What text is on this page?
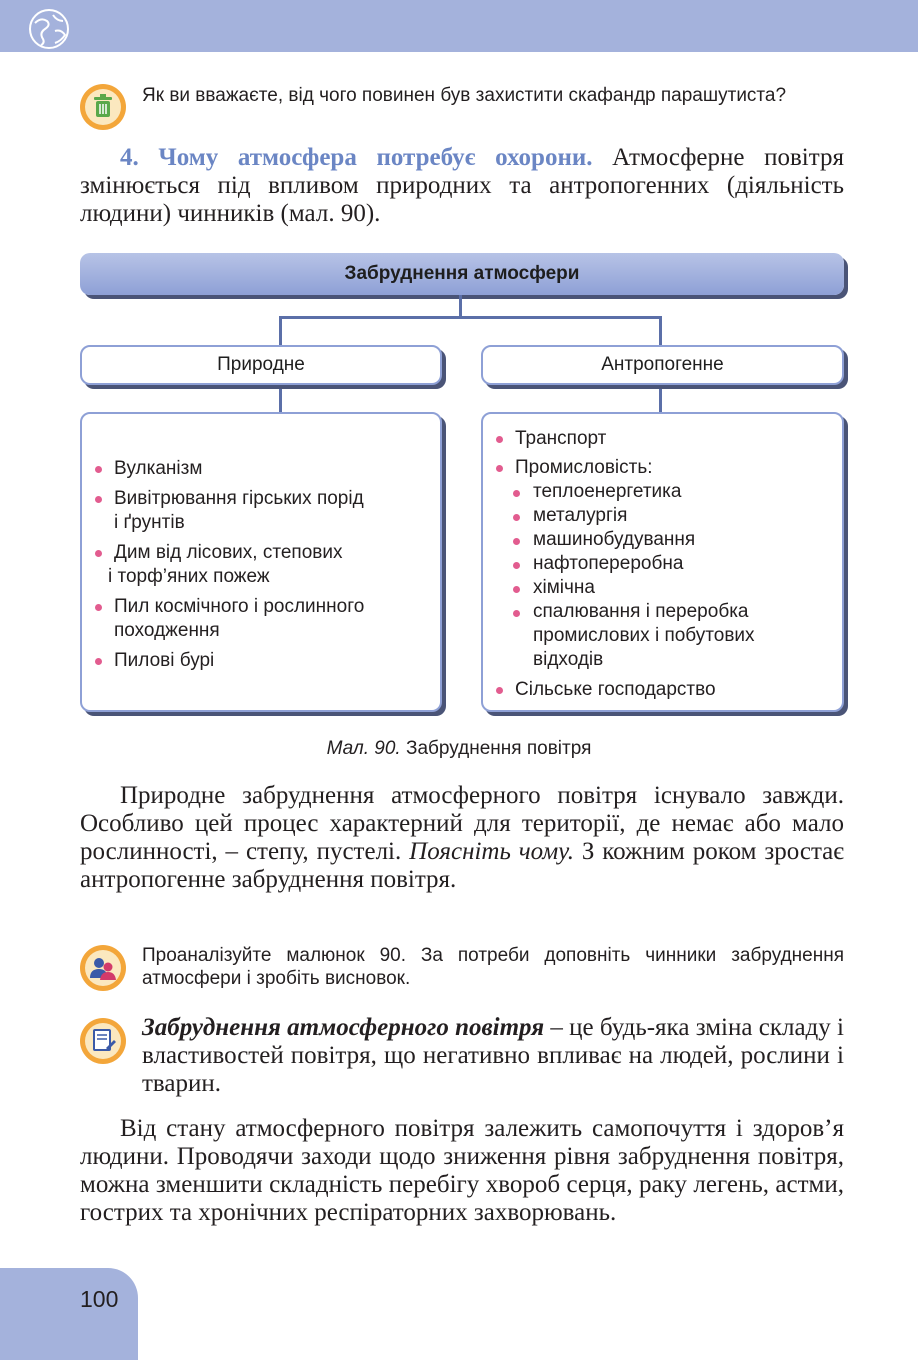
Як ви вважаєте, від чого повинен був захистити скафандр парашутиста?

4. Чому атмосфера потребує охорони. Атмосферне повітря змінюється під впливом природних та антропогенних (діяльність людини) чинників (мал. 90).

Забруднення атмосфери
Природне	Антропогенне
Вулканізм
Вивітрювання гірських порід
і ґрунтів
Дим від лісових, степових
і торф’яних пожеж
Пил космічного і рослинного
походження
Пилові бурі
Транспорт
Промисловість:
теплоенергетика
металургія
машинобудування
нафтопереробна
хімічна
спалювання і переробка
промислових і побутових
відходів
Сільське господарство
Мал. 90. Забруднення повітря

Природне забруднення атмосферного повітря існувало завжди. Особливо цей процес характерний для території, де немає або мало рослинності, – степу, пустелі. Поясніть чому. З кожним роком зростає антропогенне забруднення повітря.

Проаналізуйте малюнок 90. За потреби доповніть чинники забруднення атмосфери і зробіть висновок.

Забруднення атмосферного повітря – це будь-яка зміна складу і властивостей повітря, що негативно впливає на людей, рослини і тварин.

Від стану атмосферного повітря залежить самопочуття і здоров’я людини. Проводячи заходи щодо зниження рівня забруднення повітря, можна зменшити складність перебігу хвороб серця, раку легень, астми, гострих та хронічних респіраторних захворювань.

100
